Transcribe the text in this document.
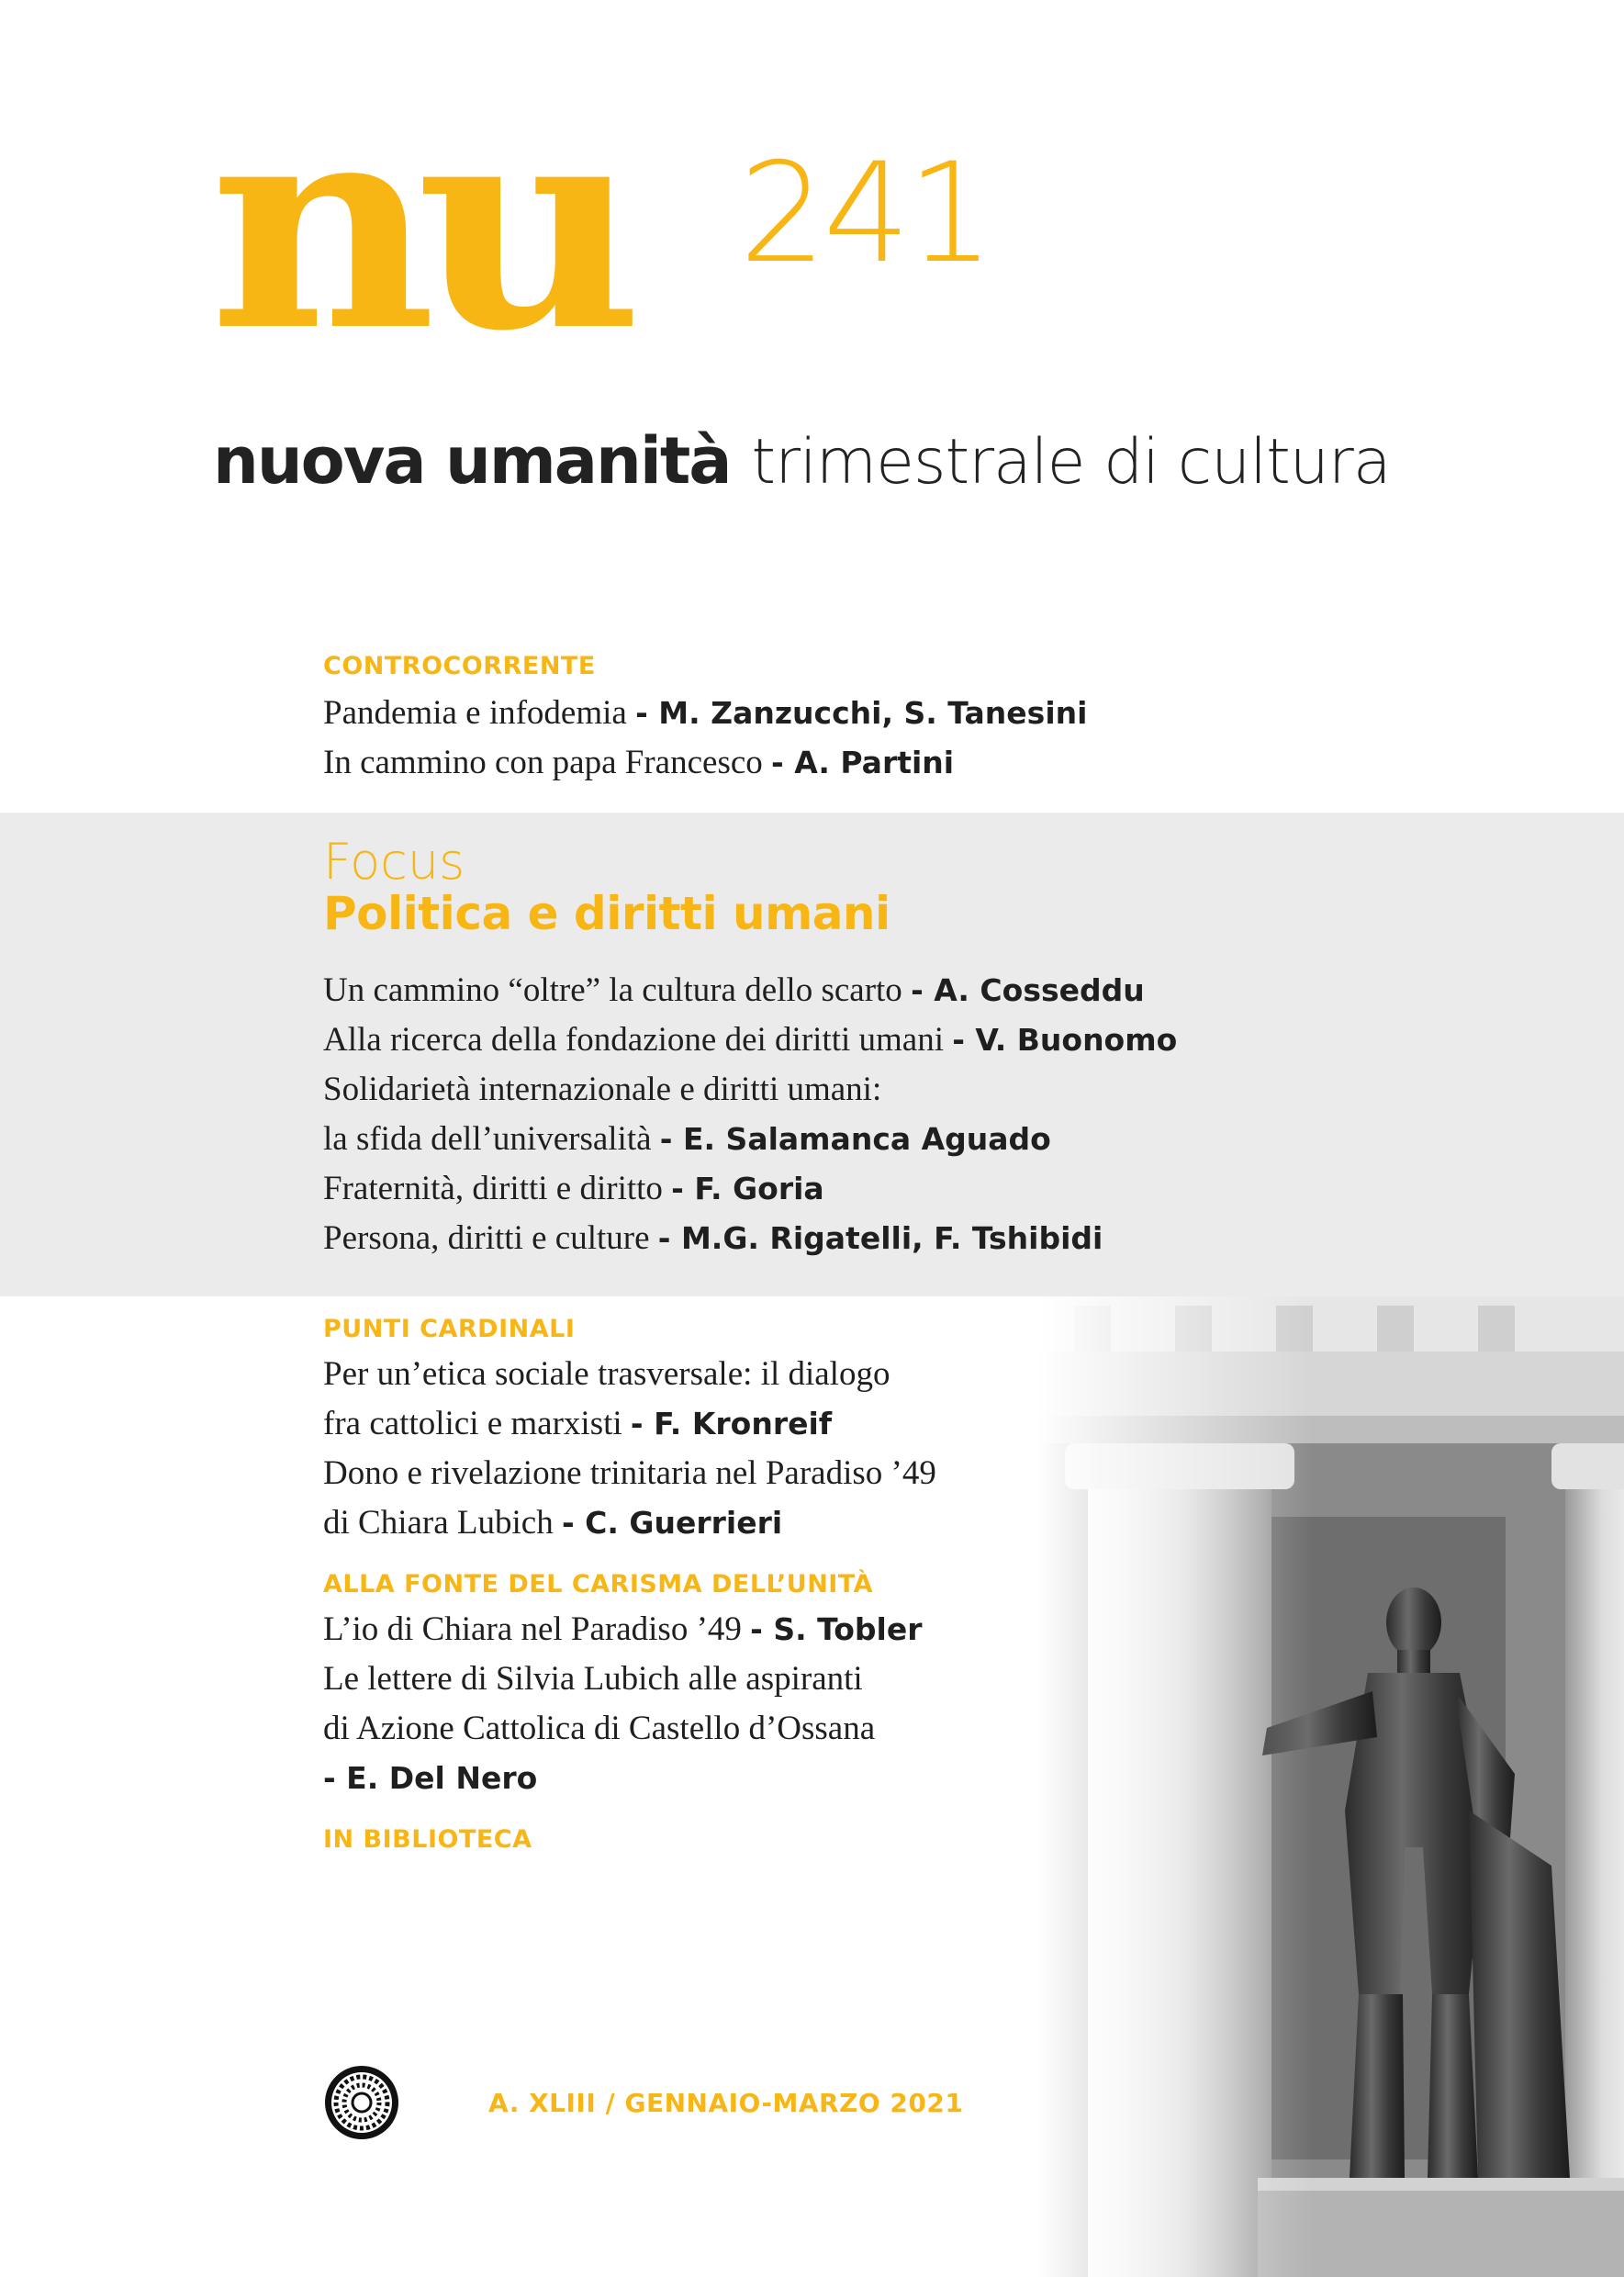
nu 241
nuova umanità trimestrale di cultura
CONTROCORRENTE
Pandemia e infodemia - M. Zanzucchi, S. Tanesini
In cammino con papa Francesco - A. Partini
Focus
Politica e diritti umani
Un cammino “oltre” la cultura dello scarto - A. Cosseddu
Alla ricerca della fondazione dei diritti umani - V. Buonomo
Solidarietà internazionale e diritti umani:
la sfida dell’universalità - E. Salamanca Aguado
Fraternità, diritti e diritto - F. Goria
Persona, diritti e culture - M.G. Rigatelli, F. Tshibidi
PUNTI CARDINALI
Per un’etica sociale trasversale: il dialogo
fra cattolici e marxisti - F. Kronreif
Dono e rivelazione trinitaria nel Paradiso ’49
di Chiara Lubich - C. Guerrieri
ALLA FONTE DEL CARISMA DELL’UNITÀ
L’io di Chiara nel Paradiso ’49 - S. Tobler
Le lettere di Silvia Lubich alle aspiranti
di Azione Cattolica di Castello d’Ossana
- E. Del Nero
IN BIBLIOTECA
A. XLIII / GENNAIO-MARZO 2021
